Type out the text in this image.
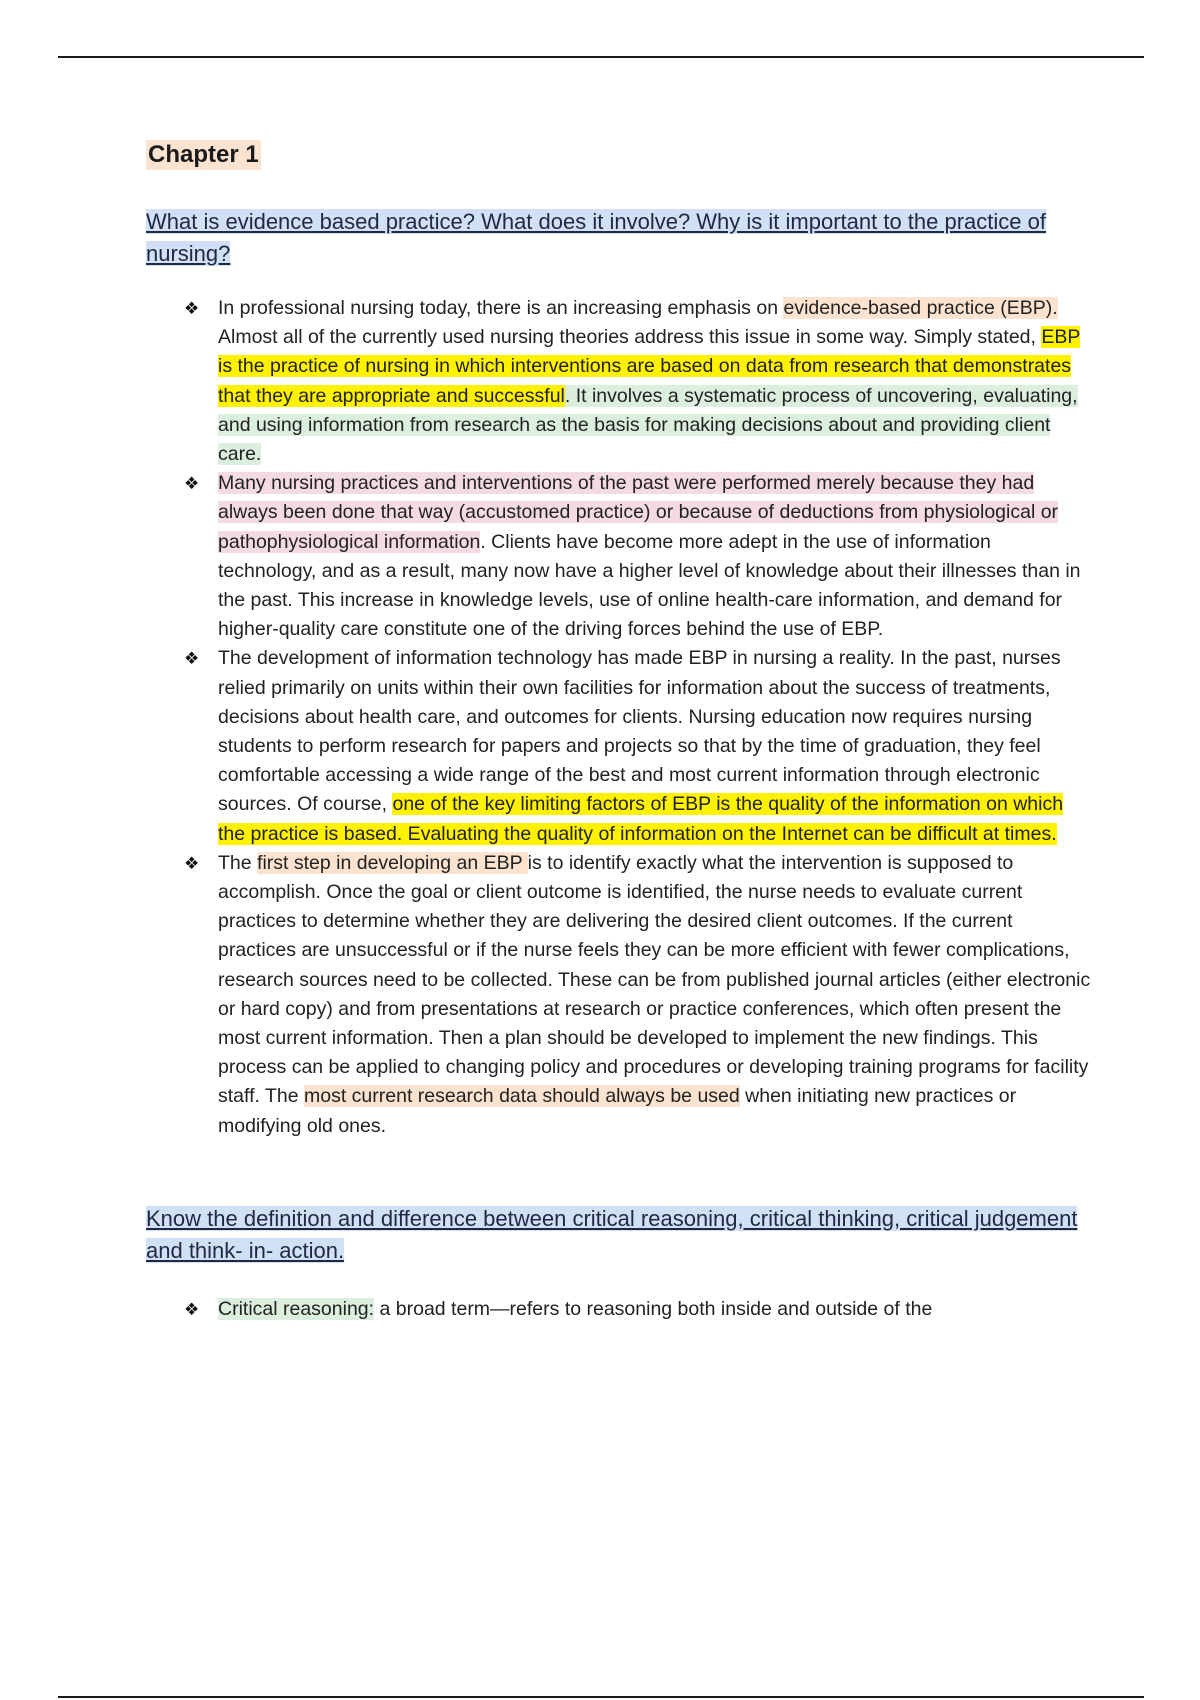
Chapter 1
What is evidence based practice? What does it involve? Why is it important to the practice of nursing?
❖ In professional nursing today, there is an increasing emphasis on evidence-based practice (EBP). Almost all of the currently used nursing theories address this issue in some way. Simply stated, EBP is the practice of nursing in which interventions are based on data from research that demonstrates that they are appropriate and successful. It involves a systematic process of uncovering, evaluating, and using information from research as the basis for making decisions about and providing client care.
❖ Many nursing practices and interventions of the past were performed merely because they had always been done that way (accustomed practice) or because of deductions from physiological or pathophysiological information. Clients have become more adept in the use of information technology, and as a result, many now have a higher level of knowledge about their illnesses than in the past. This increase in knowledge levels, use of online health-care information, and demand for higher-quality care constitute one of the driving forces behind the use of EBP.
❖ The development of information technology has made EBP in nursing a reality. In the past, nurses relied primarily on units within their own facilities for information about the success of treatments, decisions about health care, and outcomes for clients. Nursing education now requires nursing students to perform research for papers and projects so that by the time of graduation, they feel comfortable accessing a wide range of the best and most current information through electronic sources. Of course, one of the key limiting factors of EBP is the quality of the information on which the practice is based. Evaluating the quality of information on the Internet can be difficult at times.
❖ The first step in developing an EBP is to identify exactly what the intervention is supposed to accomplish. Once the goal or client outcome is identified, the nurse needs to evaluate current practices to determine whether they are delivering the desired client outcomes. If the current practices are unsuccessful or if the nurse feels they can be more efficient with fewer complications, research sources need to be collected. These can be from published journal articles (either electronic or hard copy) and from presentations at research or practice conferences, which often present the most current information. Then a plan should be developed to implement the new findings. This process can be applied to changing policy and procedures or developing training programs for facility staff. The most current research data should always be used when initiating new practices or modifying old ones.
Know the definition and difference between critical reasoning, critical thinking, critical judgement and think- in- action.
❖ Critical reasoning: a broad term—refers to reasoning both inside and outside of the
